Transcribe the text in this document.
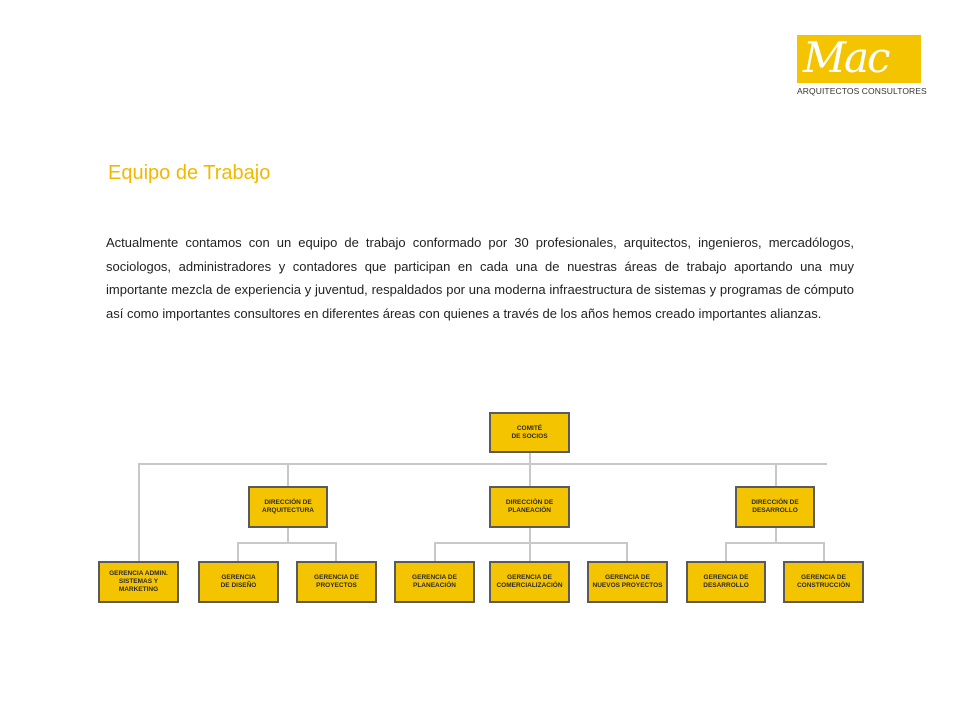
Mac
ARQUITECTOS CONSULTORES
Equipo de Trabajo

Actualmente contamos con un equipo de trabajo conformado por 30 profesionales, arquitectos, ingenieros, mercadólogos, sociologos, administradores y contadores que participan en cada una de nuestras áreas de trabajo aportando una muy importante mezcla de experiencia y juventud, respaldados por una moderna infraestructura de sistemas y programas de cómputo así como importantes consultores en diferentes áreas con quienes a través de los años hemos creado importantes alianzas.

COMITÉ
DE SOCIOS
DIRECCIÓN DE
ARQUITECTURA
DIRECCIÓN DE
PLANEACIÓN
DIRECCIÓN DE
DESARROLLO
GERENCIA ADMIN.
SISTEMAS Y
MARKETING
GERENCIA
DE DISEÑO
GERENCIA DE
PROYECTOS
GERENCIA DE
PLANEACIÓN
GERENCIA DE
COMERCIALIZACIÓN
GERENCIA DE
NUEVOS PROYECTOS
GERENCIA DE
DESARROLLO
GERENCIA DE
CONSTRUCCIÓN
